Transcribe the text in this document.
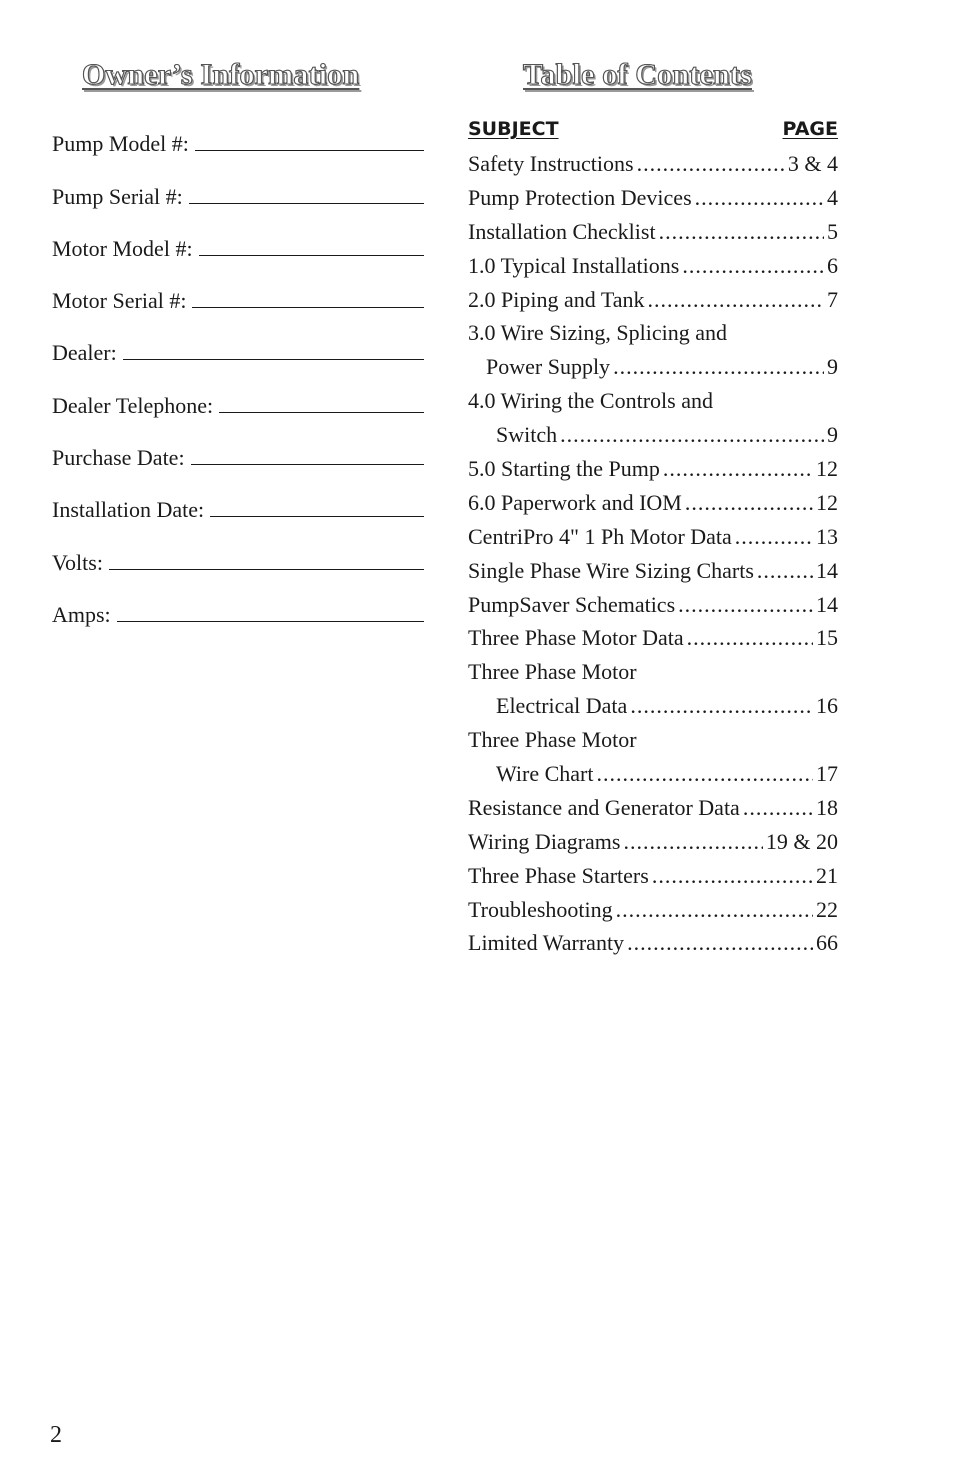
Owner’s Information	Table of Contents
Pump Model #:
Pump Serial #:
Motor Model #:
Motor Serial #:
Dealer:
Dealer Telephone:
Purchase Date:
Installation Date:
Volts:
Amps:
SUBJECT	PAGE
Safety Instructions .....	3 & 4
Pump Protection Devices .....	4
Installation Checklist .....	5
1.0 Typical Installations .....	6
2.0 Piping and Tank .....	7
3.0 Wire Sizing, Splicing and
Power Supply .....	9
4.0 Wiring the Controls and
Switch .....	9
5.0 Starting the Pump .....	12
6.0 Paperwork and IOM .....	12
CentriPro 4" 1 Ph Motor Data .....	13
Single Phase Wire Sizing Charts .....	14
PumpSaver Schematics .....	14
Three Phase Motor Data .....	15
Three Phase Motor
Electrical Data .....	16
Three Phase Motor
Wire Chart .....	17
Resistance and Generator Data .....	18
Wiring Diagrams .....	19 & 20
Three Phase Starters .....	21
Troubleshooting .....	22
Limited Warranty .....	66
2
